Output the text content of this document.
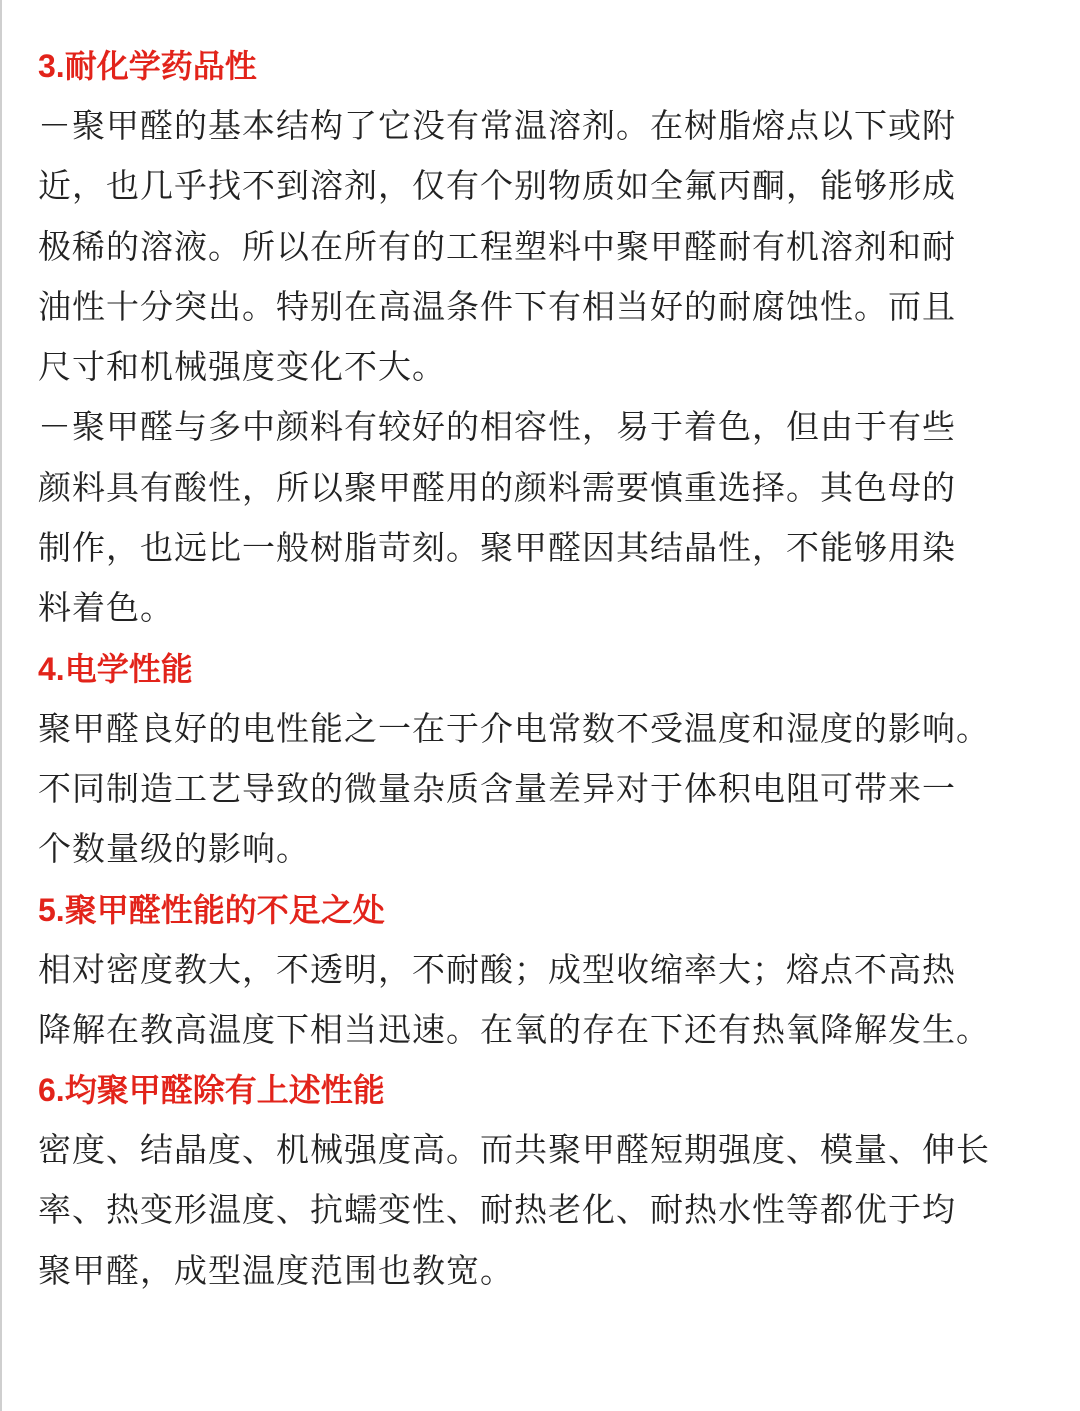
3.耐化学药品性

－聚甲醛的基本结构了它没有常温溶剂。在树脂熔点以下或附
近，也几乎找不到溶剂，仅有个别物质如全氟丙酮，能够形成
极稀的溶液。所以在所有的工程塑料中聚甲醛耐有机溶剂和耐
油性十分突出。特别在高温条件下有相当好的耐腐蚀性。而且
尺寸和机械强度变化不大。

－聚甲醛与多中颜料有较好的相容性，易于着色，但由于有些
颜料具有酸性，所以聚甲醛用的颜料需要慎重选择。其色母的
制作，也远比一般树脂苛刻。聚甲醛因其结晶性，不能够用染
料着色。

4.电学性能

聚甲醛良好的电性能之一在于介电常数不受温度和湿度的影响。
不同制造工艺导致的微量杂质含量差异对于体积电阻可带来一
个数量级的影响。

5.聚甲醛性能的不足之处

相对密度教大，不透明，不耐酸；成型收缩率大；熔点不高热
降解在教高温度下相当迅速。在氧的存在下还有热氧降解发生。

6.均聚甲醛除有上述性能

密度、结晶度、机械强度高。而共聚甲醛短期强度、模量、伸长
率、热变形温度、抗蠕变性、耐热老化、耐热水性等都优于均
聚甲醛，成型温度范围也教宽。
